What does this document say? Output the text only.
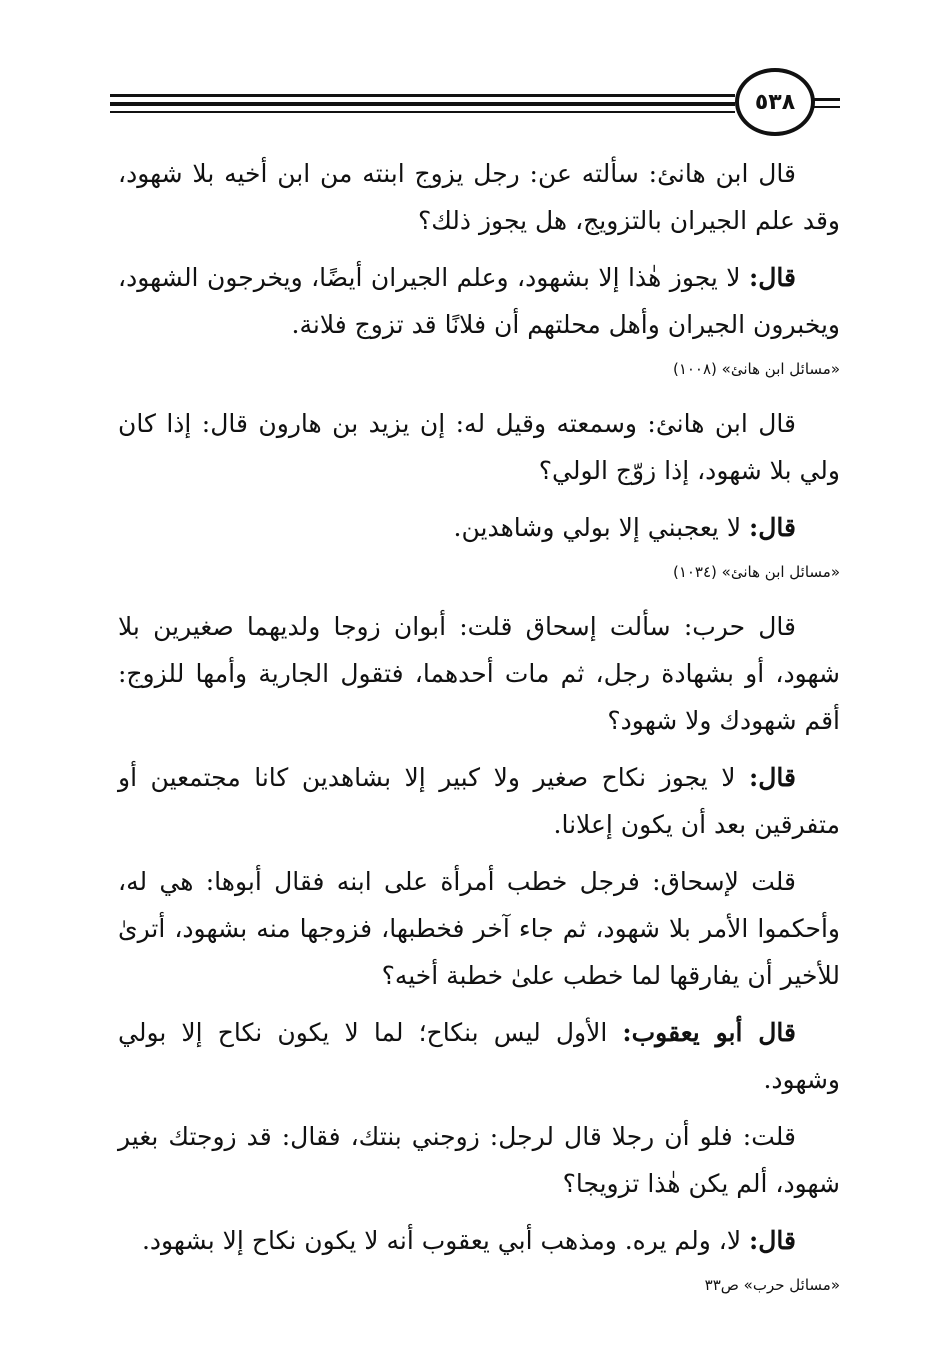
٥٣٨

قال ابن هانئ: سألته عن: رجل يزوج ابنته من ابن أخيه بلا شهود، وقد علم الجيران بالتزويج، هل يجوز ذلك؟

قال: لا يجوز هٰذا إلا بشهود، وعلم الجيران أيضًا، ويخرجون الشهود، ويخبرون الجيران وأهل محلتهم أن فلانًا قد تزوج فلانة.

«مسائل ابن هانئ» (١٠٠٨)

قال ابن هانئ: وسمعته وقيل له: إن يزيد بن هارون قال: إذا كان ولي بلا شهود، إذا زوّج الولي؟

قال: لا يعجبني إلا بولي وشاهدين.

«مسائل ابن هانئ» (١٠٣٤)

قال حرب: سألت إسحاق قلت: أبوان زوجا ولديهما صغيرين بلا شهود، أو بشهادة رجل، ثم مات أحدهما، فتقول الجارية وأمها للزوج: أقم شهودك ولا شهود؟

قال: لا يجوز نكاح صغير ولا كبير إلا بشاهدين كانا مجتمعين أو متفرقين بعد أن يكون إعلانا.

قلت لإسحاق: فرجل خطب أمرأة على ابنه فقال أبوها: هي له، وأحكموا الأمر بلا شهود، ثم جاء آخر فخطبها، فزوجها منه بشهود، أترىٰ للأخير أن يفارقها لما خطب علىٰ خطبة أخيه؟

قال أبو يعقوب: الأول ليس بنكاح؛ لما لا يكون نكاح إلا بولي وشهود.

قلت: فلو أن رجلا قال لرجل: زوجني بنتك، فقال: قد زوجتك بغير شهود، ألم يكن هٰذا تزويجا؟

قال: لا، ولم يره. ومذهب أبي يعقوب أنه لا يكون نكاح إلا بشهود.

«مسائل حرب» ص٣٣
